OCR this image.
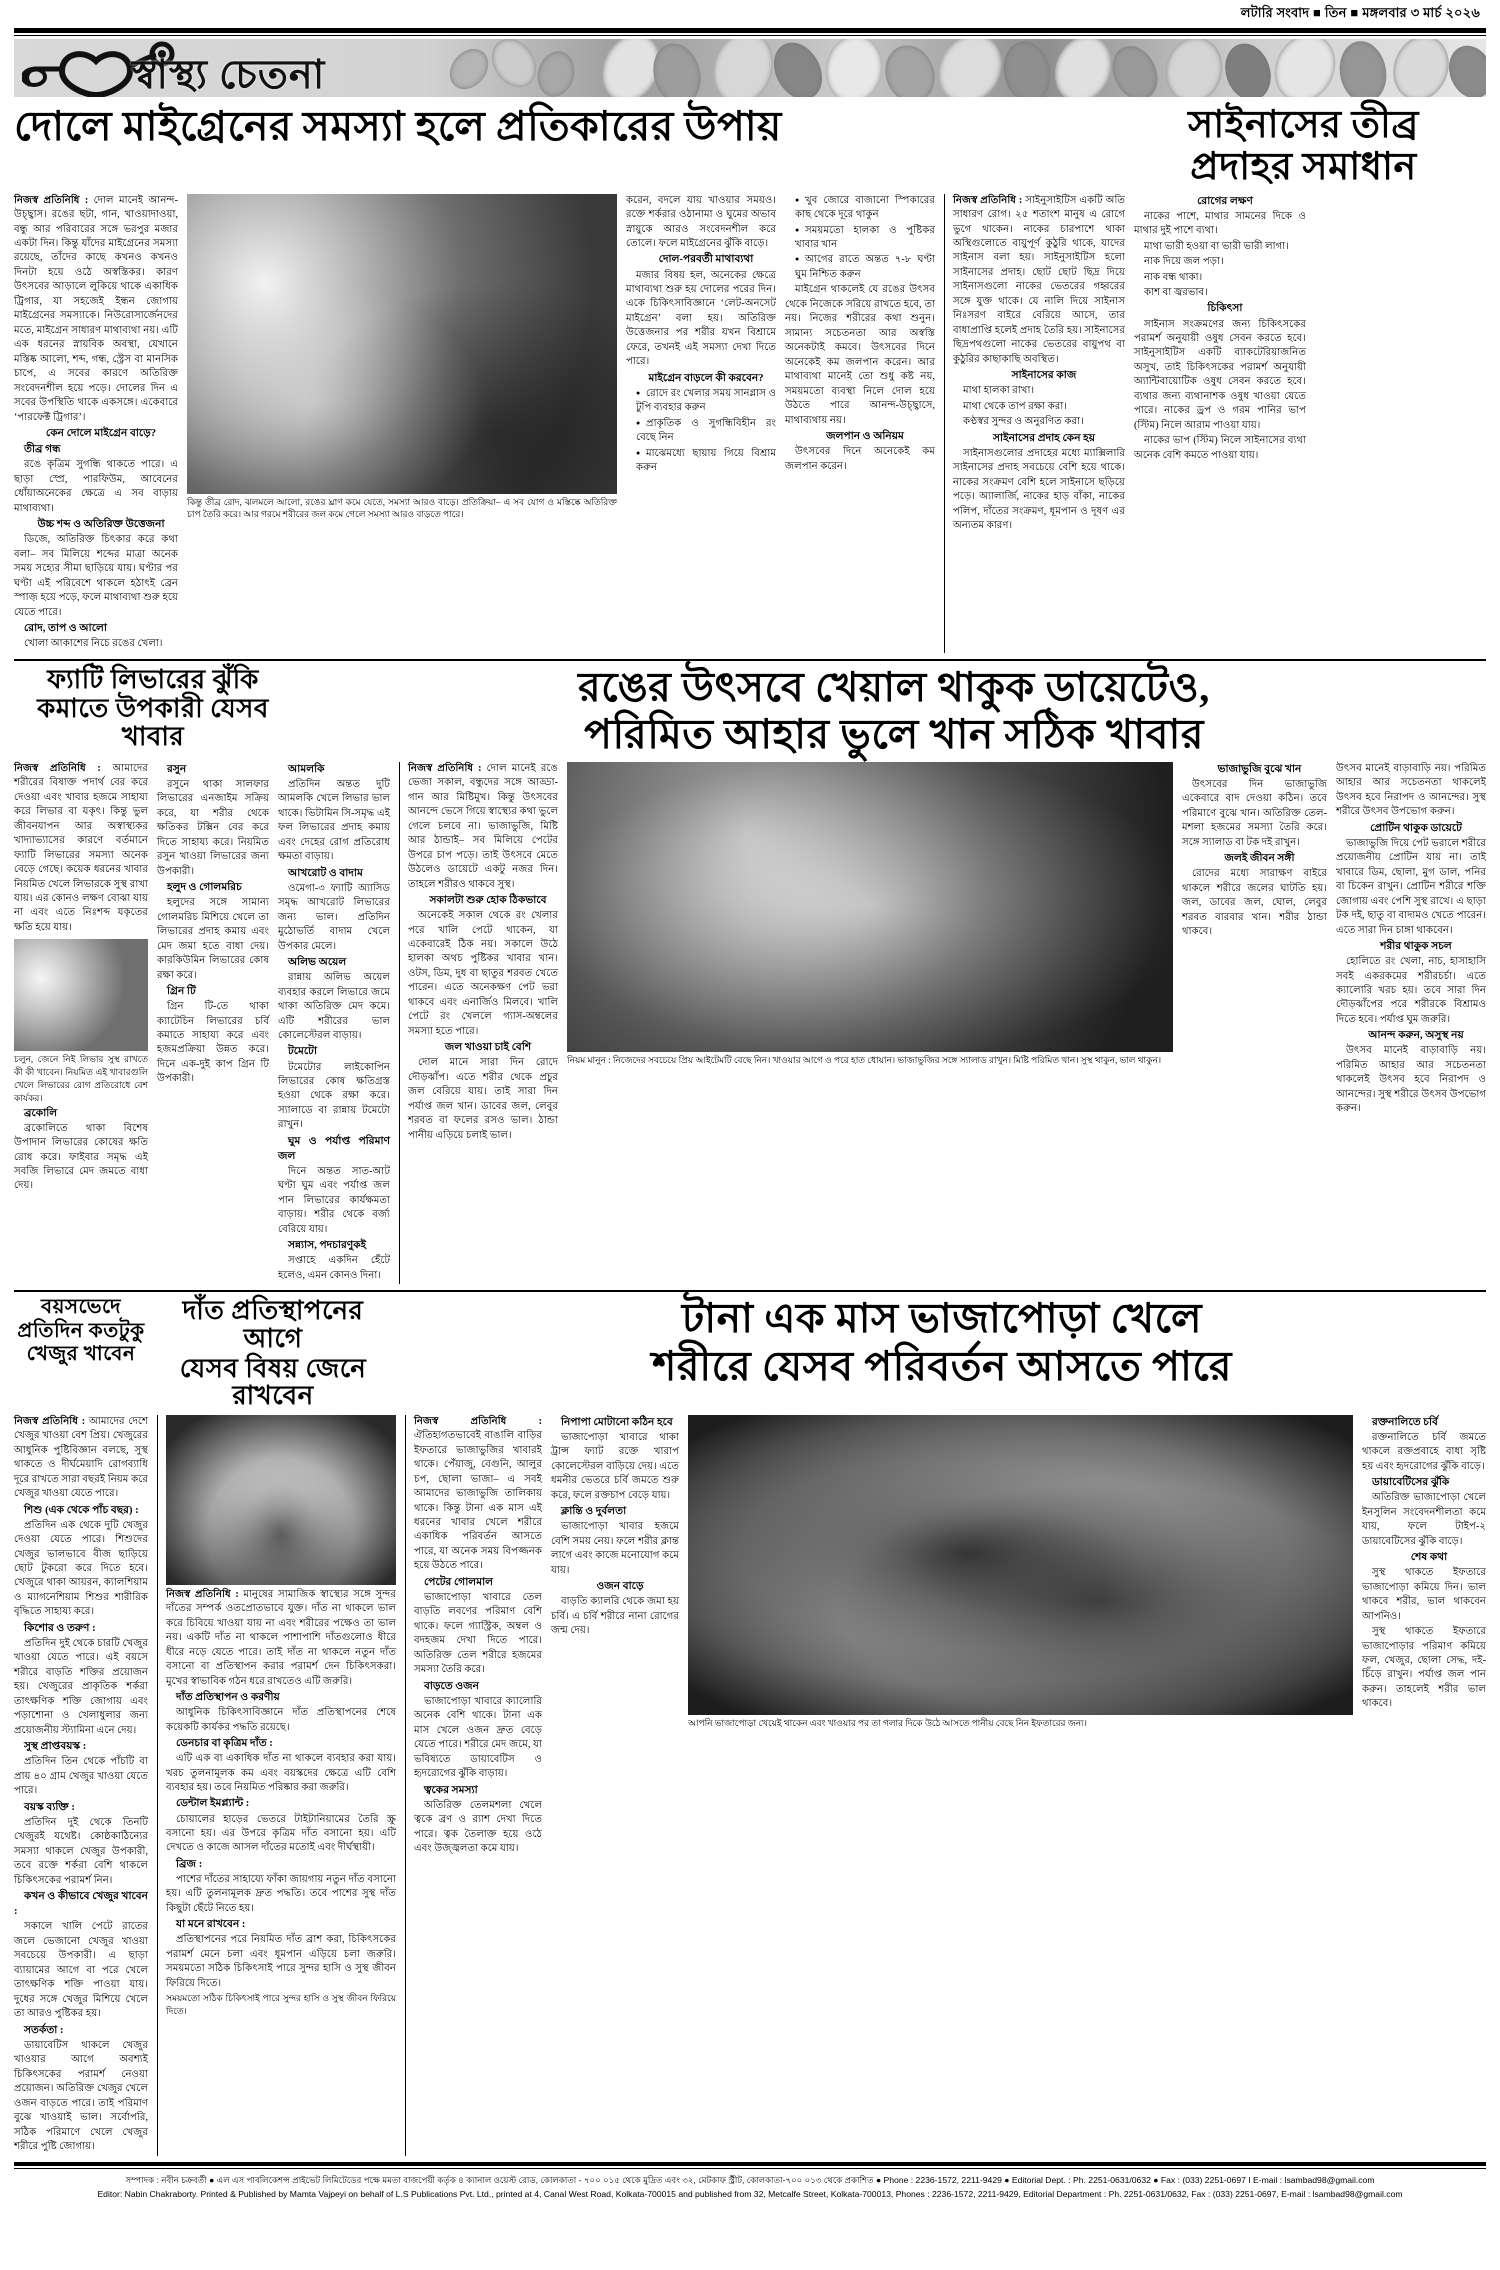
লটারি সংবাদ ■ তিন ■ মঙ্গলবার ৩ মার্চ ২০২৬
স্বাস্থ্য চেতনা
দোলে মাইগ্রেনের সমস্যা হলে প্রতিকারের উপায়	সাইনাসের তীব্র
প্রদাহর সমাধান

নিজস্ব প্রতিনিধি : দোল মানেই আনন্দ-উচ্ছ্বাস। রঙের ছটা, গান, খাওয়াদাওয়া, বন্ধু আর পরিবারের সঙ্গে ভরপুর মজার একটা দিন। কিন্তু যাঁদের মাইগ্রেনের সমস্যা রয়েছে, তাঁদের কাছে কখনও কখনও দিনটা হয়ে ওঠে অস্বস্তিকর। কারণ উৎসবের আড়ালে লুকিয়ে থাকে একাধিক ট্রিগার, যা সহজেই ইন্ধন জোগায় মাইগ্রেনের সমস্যাকে। নিউরোসার্জেনদের মতে, মাইগ্রেন সাধারণ মাথাব্যথা নয়। এটি এক ধরনের স্নায়বিক অবস্থা, যেখানে মস্তিষ্ক আলো, শব্দ, গন্ধ, স্ট্রেস বা মানসিক চাপে, এ সবের কারণে অতিরিক্ত সংবেদনশীল হয়ে পড়ে। দোলের দিন এ সবের উপস্থিতি থাকে একসঙ্গে। একেবারে ‘পারফেক্ট ট্রিগার’।

কেন দোলে মাইগ্রেন বাড়ে?

তীব্র গন্ধ

রঙে কৃত্রিম সুগন্ধি থাকতে পারে। এ ছাড়া স্প্রে, পারফিউম, আবেনের ধোঁয়াঅনেকের ক্ষেত্রে এ সব বাড়ায় মাথাব্যথা।

উচ্চ শব্দ ও অতিরিক্ত উত্তেজনা

ডিজে, অতিরিক্ত চিৎকার করে কথা বলা– সব মিলিয়ে শব্দের মাত্রা অনেক সময় সহ্যের সীমা ছাড়িয়ে যায়। ঘণ্টার পর ঘণ্টা এই পরিবেশে থাকলে হঠাৎই ব্রেন স্পাজ় হয়ে পড়ে, ফলে মাথাব্যথা শুরু হয়ে যেতে পারে।

রোদ, তাপ ও আলো

খোলা আকাশের নিচে রঙের খেলা।

কিন্তু তীব্র রোদ, ঝলমলে আলো, রঙের ঘ্রাণ কমে যেতে, সমস্যা আরও বাড়ে। প্রতিক্রিয়া– এ সব যোগ ও মস্তিষ্কে অতিরিক্ত চাপ তৈরি করে। আর গরমে শরীরের জল কমে গেলে সমস্যা আরও বাড়তে পারে।

করেন, বদলে যায় খাওয়ার সময়ও। রক্তে শর্করার ওঠানামা ও ঘুমের অভাব স্নায়ুকে আরও সংবেদনশীল করে তোলে। ফলে মাইগ্রেনের ঝুঁকি বাড়ে।

দোল-পরবর্তী মাথাব্যথা

মজার বিষয় হল, অনেকের ক্ষেত্রে মাথাব্যথা শুরু হয় দোলের পরের দিন। একে চিকিৎসাবিজ্ঞানে ‘লেট-অনসেট মাইগ্রেন’ বলা হয়। অতিরিক্ত উত্তেজনার পর শরীর যখন বিশ্রামে ফেরে, তখনই এই সমস্যা দেখা দিতে পারে।

মাইগ্রেন বাড়লে কী করবেন?

● রোদে রং খেলার সময় সানগ্লাস ও টুপি ব্যবহার করুন

● প্রাকৃতিক ও সুগন্ধিবিহীন রং বেছে নিন

● মাঝেমধ্যে ছায়ায় গিয়ে বিশ্রাম করুন

● খুব জোরে বাজানো স্পিকারের কাছ থেকে দূরে থাকুন

● সময়মতো হালকা ও পুষ্টিকর খাবার খান

● আগের রাতে অন্তত ৭-৮ ঘণ্টা ঘুম নিশ্চিত করুন

মাইগ্রেন থাকলেই যে রঙের উৎসব থেকে নিজেকে সরিয়ে রাখতে হবে, তা নয়। নিজের শরীরের কথা শুনুন। সামান্য সচেতনতা আর অস্বস্তি অনেকটাই কমবে। উৎসবের দিনে অনেকেই কম জলপান করেন। আর মাথাব্যথা মানেই তো শুধু কষ্ট নয়, সময়মতো ব্যবস্থা নিলে দোল হয়ে উঠতে পারে আনন্দ-উচ্ছ্বাসে, মাথাব্যথায় নয়।

জলপান ও অনিয়ম

উৎসবের দিনে অনেকেই কম জলপান করেন।

নিজস্ব প্রতিনিধি : সাইনুসাইটিস একটি অতি সাধারণ রোগ। ২৫ শতাংশ মানুষ এ রোগে ভুগে থাকেন। নাকের চারপাশে থাকা অস্থিগুলোতে বায়ুপূর্ণ কুঠুরি থাকে, যাদের সাইনাস বলা হয়। সাইনুসাইটিস হলো সাইনাসের প্রদাহ। ছোট ছোট ছিদ্র দিয়ে সাইনাসগুলো নাকের ভেতরের গহ্বরের সঙ্গে যুক্ত থাকে। যে নালি দিয়ে সাইনাস নিঃসরণ বাইরে বেরিয়ে আসে, তার বাধাপ্রাপ্তি হলেই প্রদাহ তৈরি হয়। সাইনাসের ছিদ্রপথগুলো নাকের ভেতরের বায়ুপথ বা কুঠুরির কাছাকাছি অবস্থিত।

সাইনাসের কাজ

মাথা হালকা রাখা।

মাথা থেকে তাপ রক্ষা করা।

কণ্ঠস্বর সুন্দর ও অনুরণিত করা।

সাইনাসের প্রদাহ কেন হয়

সাইনাসগুলোর প্রদাহের মধ্যে ম্যাক্সিলারি সাইনাসের প্রদাহ সবচেয়ে বেশি হয়ে থাকে। নাকের সংক্রমণ বেশি হলে সাইনাসে ছড়িয়ে পড়ে। অ্যালার্জি, নাকের হাড় বাঁকা, নাকের পলিপ, দাঁতের সংক্রমণ, ধূমপান ও দূষণ এর অন্যতম কারণ।

রোগের লক্ষণ

নাকের পাশে, মাথার সামনের দিকে ও মাথার দুই পাশে ব্যথা।

মাথা ভারী হওয়া বা ভারী ভারী লাগা।

নাক দিয়ে জল পড়া।

নাক বন্ধ থাকা।

কাশ বা জ্বরভাব।

চিকিৎসা

সাইনাস সংক্রমণের জন্য চিকিৎসকের পরামর্শ অনুযায়ী ওষুধ সেবন করতে হবে। সাইনুসাইটিস একটি ব্যাকটেরিয়াজনিত অসুখ, তাই চিকিৎসকের পরামর্শ অনুযায়ী অ্যান্টিবায়োটিক ওষুধ সেবন করতে হবে। ব্যথার জন্য ব্যথানাশক ওষুধ খাওয়া যেতে পারে। নাকের ড্রপ ও গরম পানির ভাপ (স্টিম) নিলে আরাম পাওয়া যায়।

নাকের ভাপ (স্টিম) নিলে সাইনাসের ব্যথা অনেক বেশি কমতে পাওয়া যায়।

ফ্যাটি লিভারের ঝুঁকি
কমাতে উপকারী যেসব খাবার
রঙের উৎসবে খেয়াল থাকুক ডায়েটেও,
পরিমিত আহার ভুলে খান সঠিক খাবার

নিজস্ব প্রতিনিধি : আমাদের শরীরের বিষাক্ত পদার্থ বের করে দেওয়া এবং খাবার হজমে সাহায্য করে লিভার বা যকৃৎ। কিন্তু ভুল জীবনযাপন আর অস্বাস্থ্যকর খাদ্যাভ্যাসের কারণে বর্তমানে ফ্যাটি লিভারের সমস্যা অনেক বেড়ে গেছে। কয়েক ধরনের খাবার নিয়মিত খেলে লিভারকে সুস্থ রাখা যায়। এর কোনও লক্ষণ বোঝা যায় না এবং এতে নিঃশব্দ যকৃতের ক্ষতি হয়ে যায়।

চলুন, জেনে নিই লিভার সুস্থ রাখতে কী কী খাবেন। নিয়মিত এই খাবারগুলি খেলে লিভারের রোগ প্রতিরোধে বেশ কার্যকর।

ব্রকোলি

ব্রকোলিতে থাকা বিশেষ উপাদান লিভারের কোষের ক্ষতি রোধ করে। ফাইবার সমৃদ্ধ এই সবজি লিভারে মেদ জমতে বাধা দেয়।

রসুন

রসুনে থাকা সালফার লিভারের এনজাইম সক্রিয় করে, যা শরীর থেকে ক্ষতিকর টক্সিন বের করে দিতে সাহায্য করে। নিয়মিত রসুন খাওয়া লিভারের জন্য উপকারী।

হলুদ ও গোলমরিচ

হলুদের সঙ্গে সামান্য গোলমরিচ মিশিয়ে খেলে তা লিভারের প্রদাহ কমায় এবং মেদ জমা হতে বাধা দেয়। কারকিউমিন লিভারের কোষ রক্ষা করে।

গ্রিন টি

গ্রিন টি-তে থাকা ক্যাটেচিন লিভারের চর্বি কমাতে সাহায্য করে এবং হজমপ্রক্রিয়া উন্নত করে। দিনে এক-দুই কাপ গ্রিন টি উপকারী।

আমলকি

প্রতিদিন অন্তত দুটি আমলকি খেলে লিভার ভাল থাকে। ভিটামিন সি-সমৃদ্ধ এই ফল লিভারের প্রদাহ কমায় এবং দেহের রোগ প্রতিরোধ ক্ষমতা বাড়ায়।

আখরোট ও বাদাম

ওমেগা-৩ ফ্যাটি অ্যাসিড সমৃদ্ধ আখরোট লিভারের জন্য ভাল। প্রতিদিন মুঠোভর্তি বাদাম খেলে উপকার মেলে।

অলিভ অয়েল

রান্নায় অলিভ অয়েল ব্যবহার করলে লিভারে জমে থাকা অতিরিক্ত মেদ কমে। এটি শরীরের ভাল কোলেস্টেরল বাড়ায়।

টমেটো

টমেটোর লাইকোপিন লিভারের কোষ ক্ষতিগ্রস্ত হওয়া থেকে রক্ষা করে। স্যালাডে বা রান্নায় টমেটো রাখুন।

ঘুম ও পর্যাপ্ত পরিমাণ জল

দিনে অন্তত সাত-আট ঘণ্টা ঘুম এবং পর্যাপ্ত জল পান লিভারের কার্যক্ষমতা বাড়ায়। শরীর থেকে বর্জ্য বেরিয়ে যায়।

সন্ন্যাস, পদচারণুকই

সপ্তাহে একদিন হেঁটে হলেও, এমন কোনও দিনা।

নিজস্ব প্রতিনিধি : দোল মানেই রঙে ভেজা সকাল, বন্ধুদের সঙ্গে আড্ডা-গান আর মিষ্টিমুখ। কিন্তু উৎসবের আনন্দে ভেসে গিয়ে স্বাস্থ্যের কথা ভুলে গেলে চলবে না। ভাজাভুজি, মিষ্টি আর ঠান্ডাই– সব মিলিয়ে পেটের উপরে চাপ পড়ে। তাই উৎসবে মেতে উঠলেও ডায়েটে একটু নজর দিন। তাহলে শরীরও থাকবে সুস্থ।

সকালটা শুরু হোক ঠিকভাবে

অনেকেই সকাল থেকে রং খেলার পরে খালি পেটে থাকেন, যা একেবারেই ঠিক নয়। সকালে উঠে হালকা অথচ পুষ্টিকর খাবার খান। ওটস, ডিম, দুধ বা ছাতুর শরবত খেতে পারেন। এতে অনেকক্ষণ পেট ভরা থাকবে এবং এনার্জিও মিলবে। খালি পেটে রং খেললে গ্যাস-অম্বলের সমস্যা হতে পারে।

জল খাওয়া চাই বেশি

দোল মানে সারা দিন রোদে দৌড়ঝাঁপ। এতে শরীর থেকে প্রচুর জল বেরিয়ে যায়। তাই সারা দিন পর্যাপ্ত জল খান। ডাবের জল, লেবুর শরবত বা ফলের রসও ভাল। ঠান্ডা পানীয় এড়িয়ে চলাই ভাল।

নিয়ম মানুন : নিজেদের সবচেয়ে প্রিয় আইটেমটি বেছে নিন। খাওয়ার আগে ও পরে হাত ধোয়ান। ভাজাভুজির সঙ্গে স্যালাড রাখুন। মিষ্টি পরিমিত খান। সুস্থ থাকুন, ভাল থাকুন।

ভাজাভুজি বুঝে খান

উৎসবের দিন ভাজাভুজি একেবারে বাদ দেওয়া কঠিন। তবে পরিমাণে বুঝে খান। অতিরিক্ত তেল-মশলা হজমের সমস্যা তৈরি করে। সঙ্গে স্যালাড বা টক দই রাখুন।

জলই জীবন সঙ্গী

রোদের মধ্যে সারাক্ষণ বাইরে থাকলে শরীরে জলের ঘাটতি হয়। জল, ডাবের জল, ঘোল, লেবুর শরবত বারবার খান। শরীর ঠান্ডা থাকবে।

উৎসব মানেই বাড়াবাড়ি নয়। পরিমিত আহার আর সচেতনতা থাকলেই উৎসব হবে নিরাপদ ও আনন্দের। সুস্থ শরীরে উৎসব উপভোগ করুন।

প্রোটিন থাকুক ডায়েটে

ভাজাভুজি দিয়ে পেট ভরালে শরীরে প্রয়োজনীয় প্রোটিন যায় না। তাই খাবারে ডিম, ছোলা, মুগ ডাল, পনির বা চিকেন রাখুন। প্রোটিন শরীরে শক্তি জোগায় এবং পেশি সুস্থ রাখে। এ ছাড়া টক দই, ছাতু বা বাদামও খেতে পারেন। এতে সারা দিন চাঙ্গা থাকবেন।

শরীর থাকুক সচল

হোলিতে রং খেলা, নাচ, হাসাহাসি সবই একরকমের শরীরচর্চা। এতে ক্যালোরি খরচ হয়। তবে সারা দিন দৌড়ঝাঁপের পরে শরীরকে বিশ্রামও দিতে হবে। পর্যাপ্ত ঘুম জরুরি।

আনন্দ করুন, অসুস্থ নয়

উৎসব মানেই বাড়াবাড়ি নয়। পরিমিত আহার আর সচেতনতা থাকলেই উৎসব হবে নিরাপদ ও আনন্দের। সুস্থ শরীরে উৎসব উপভোগ করুন।

বয়সভেদে
প্রতিদিন কতটুকু
খেজুর খাবেন
দাঁত প্রতিস্থাপনের আগে
যেসব বিষয় জেনে রাখবেন
টানা এক মাস ভাজাপোড়া খেলে
শরীরে যেসব পরিবর্তন আসতে পারে

নিজস্ব প্রতিনিধি : আমাদের দেশে খেজুর খাওয়া বেশ প্রিয়। খেজুরের আধুনিক পুষ্টিবিজ্ঞান বলছে, সুস্থ থাকতে ও দীর্ঘমেয়াদি রোগব্যাধি দূরে রাখতে সারা বছরই নিয়ম করে খেজুর খাওয়া যেতে পারে।

শিশু (এক থেকে পাঁচ বছর) :

প্রতিদিন এক থেকে দুটি খেজুর দেওয়া যেতে পারে। শিশুদের খেজুর ভালভাবে বীজ ছাড়িয়ে ছোট টুকরো করে দিতে হবে। খেজুরে থাকা আয়রন, ক্যালশিয়াম ও ম্যাগনেশিয়াম শিশুর শারীরিক বৃদ্ধিতে সাহায্য করে।

কিশোর ও তরুণ :

প্রতিদিন দুই থেকে চারটি খেজুর খাওয়া যেতে পারে। এই বয়সে শরীরে বাড়তি শক্তির প্রয়োজন হয়। খেজুরের প্রাকৃতিক শর্করা তাৎক্ষণিক শক্তি জোগায় এবং পড়াশোনা ও খেলাধুলার জন্য প্রয়োজনীয় স্ট্যামিনা এনে দেয়।

সুস্থ প্রাপ্তবয়স্ক :

প্রতিদিন তিন থেকে পাঁচটি বা প্রায় ৪০ গ্রাম খেজুর খাওয়া যেতে পারে।

বয়স্ক ব্যক্তি :

প্রতিদিন দুই থেকে তিনটি খেজুরই যথেষ্ট। কোষ্ঠকাঠিন্যের সমস্যা থাকলে খেজুর উপকারী, তবে রক্তে শর্করা বেশি থাকলে চিকিৎসকের পরামর্শ নিন।

কখন ও কীভাবে খেজুর খাবেন :

সকালে খালি পেটে রাতের জলে ভেজানো খেজুর খাওয়া সবচেয়ে উপকারী। এ ছাড়া ব্যায়ামের আগে বা পরে খেলে তাৎক্ষণিক শক্তি পাওয়া যায়। দুধের সঙ্গে খেজুর মিশিয়ে খেলে তা আরও পুষ্টিকর হয়।

সতর্কতা :

ডায়াবেটিস থাকলে খেজুর খাওয়ার আগে অবশ্যই চিকিৎসকের পরামর্শ নেওয়া প্রয়োজন। অতিরিক্ত খেজুর খেলে ওজন বাড়তে পারে। তাই পরিমাণ বুঝে খাওয়াই ভাল। সর্বোপরি, সঠিক পরিমাণে খেলে খেজুর শরীরে পুষ্টি জোগায়।

নিজস্ব প্রতিনিধি : মানুষের সামাজিক স্বাস্থ্যের সঙ্গে সুন্দর দাঁতের সম্পর্ক ওতপ্রোতভাবে যুক্ত। দাঁত না থাকলে ভাল করে চিবিয়ে খাওয়া যায় না এবং শরীরের পক্ষেও তা ভাল নয়। একটি দাঁত না থাকলে পাশাপাশি দাঁতগুলোও ধীরে ধীরে নড়ে যেতে পারে। তাই দাঁত না থাকলে নতুন দাঁত বসানো বা প্রতিস্থাপন করার পরামর্শ দেন চিকিৎসকরা। মুখের স্বাভাবিক গঠন ধরে রাখতেও এটি জরুরি।

দাঁত প্রতিস্থাপন ও করণীয়

আধুনিক চিকিৎসাবিজ্ঞানে দাঁত প্রতিস্থাপনের শেষে কয়েকটি কার্যকর পদ্ধতি রয়েছে।

ডেনচার বা কৃত্রিম দাঁত :

এটি এক বা একাধিক দাঁত না থাকলে ব্যবহার করা যায়। খরচ তুলনামূলক কম এবং বয়স্কদের ক্ষেত্রে এটি বেশি ব্যবহার হয়। তবে নিয়মিত পরিষ্কার করা জরুরি।

ডেন্টাল ইমপ্ল্যান্ট :

চোয়ালের হাড়ের ভেতরে টাইটানিয়ামের তৈরি স্ক্রু বসানো হয়। এর উপরে কৃত্রিম দাঁত বসানো হয়। এটি দেখতে ও কাজে আসল দাঁতের মতোই এবং দীর্ঘস্থায়ী।

ব্রিজ :

পাশের দাঁতের সাহায্যে ফাঁকা জায়গায় নতুন দাঁত বসানো হয়। এটি তুলনামূলক দ্রুত পদ্ধতি। তবে পাশের সুস্থ দাঁত কিছুটা ছেঁটে নিতে হয়।

যা মনে রাখবেন :

প্রতিস্থাপনের পরে নিয়মিত দাঁত ব্রাশ করা, চিকিৎসকের পরামর্শ মেনে চলা এবং ধূমপান এড়িয়ে চলা জরুরি। সময়মতো সঠিক চিকিৎসাই পারে সুন্দর হাসি ও সুস্থ জীবন ফিরিয়ে দিতে।

সময়মতো সঠিক চিকিৎসাই পারে সুন্দর হাসি ও সুস্থ জীবন ফিরিয়ে দিতে।

নিজস্ব প্রতিনিধি : ঐতিহ্যগতভাবেই বাঙালি বাড়ির ইফতারে ভাজাভুজির খাবারই থাকে। পেঁয়াজু, বেগুনি, আলুর চপ, ছোলা ভাজা– এ সবই আমাদের ভাজাভুজি তালিকায় থাকে। কিন্তু টানা এক মাস এই ধরনের খাবার খেলে শরীরে একাধিক পরিবর্তন আসতে পারে, যা অনেক সময় বিপজ্জনক হয়ে উঠতে পারে।

পেটের গোলমাল

ভাজাপোড়া খাবারে তেল বাড়তি লবণের পরিমাণ বেশি থাকে। ফলে গ্যাস্ট্রিক, অম্বল ও বদহজম দেখা দিতে পারে। অতিরিক্ত তেল শরীরে হজমের সমস্যা তৈরি করে।

বাড়তে ওজন

ভাজাপোড়া খাবারে ক্যালোরি অনেক বেশি থাকে। টানা এক মাস খেলে ওজন দ্রুত বেড়ে যেতে পারে। শরীরে মেদ জমে, যা ভবিষ্যতে ডায়াবেটিস ও হৃদরোগের ঝুঁকি বাড়ায়।

ত্বকের সমস্যা

অতিরিক্ত তেলমশলা খেলে ত্বকে ব্রণ ও র‍্যাশ দেখা দিতে পারে। ত্বক তৈলাক্ত হয়ে ওঠে এবং উজ্জ্বলতা কমে যায়।

নিপাপা মোটানো কঠিন হবে

ভাজাপোড়া খাবারে থাকা ট্রান্স ফ্যাট রক্তে খারাপ কোলেস্টেরল বাড়িয়ে দেয়। এতে ধমনীর ভেতরে চর্বি জমতে শুরু করে, ফলে রক্তচাপ বেড়ে যায়।

ক্লান্তি ও দুর্বলতা

ভাজাপোড়া খাবার হজমে বেশি সময় নেয়। ফলে শরীর ক্লান্ত লাগে এবং কাজে মনোযোগ কমে যায়।

ওজন বাড়ে

বাড়তি ক্যালরি থেকে জমা হয় চর্বি। এ চর্বি শরীরে নানা রোগের জন্ম দেয়।

আপনি ভাজাপোড়া খেয়েই থাকেন এবং খাওয়ার পর তা গলার দিকে উঠে আসতে পানীয় বেছে নিন ইফতারের জন্য।

রক্তনালিতে চর্বি

রক্তনালিতে চর্বি জমতে থাকলে রক্তপ্রবাহে বাধা সৃষ্টি হয় এবং হৃদরোগের ঝুঁকি বাড়ে।

ডায়াবেটিসের ঝুঁকি

অতিরিক্ত ভাজাপোড়া খেলে ইনসুলিন সংবেদনশীলতা কমে যায়, ফলে টাইপ-২ ডায়াবেটিসের ঝুঁকি বাড়ে।

শেষ কথা

সুস্থ থাকতে ইফতারে ভাজাপোড়া কমিয়ে দিন। ভাল থাকবে শরীর, ভাল থাকবেন আপনিও।

সুস্থ থাকতে ইফতারে ভাজাপোড়ার পরিমাণ কমিয়ে ফল, খেজুর, ছোলা সেদ্ধ, দই-চিঁড়ে রাখুন। পর্যাপ্ত জল পান করুন। তাহলেই শরীর ভাল থাকবে।

সম্পাদক : নবীন চক্রবর্তী ● এল এস পাবলিকেশন্স প্রাইভেট লিমিটেডের পক্ষে মমতা বাজপেয়ী কর্তৃক ৪ ক্যানাল ওয়েস্ট রোড, কোলকাতা - ৭০০ ০১৫ থেকে মুদ্রিত এবং ৩২, মেটকাফ স্ট্রীট, কোলকাতা-৭০০ ০১৩ থেকে প্রকাশিত ● Phone : 2236-1572, 2211-9429 ● Editorial Dept. : Ph. 2251-0631/0632 ● Fax : (033) 2251-0697 I E-mail : lsambad98@gmail.com
Editor: Nabin Chakraborty. Printed & Published by Mamta Vajpeyi on behalf of L.S Publications Pvt. Ltd., printed at 4, Canal West Road, Kolkata-700015 and published from 32, Metcalfe Street, Kolkata-700013, Phones : 2236-1572, 2211-9429, Editorial Department : Ph. 2251-0631/0632, Fax : (033) 2251-0697, E-mail : lsambad98@gmail.com
